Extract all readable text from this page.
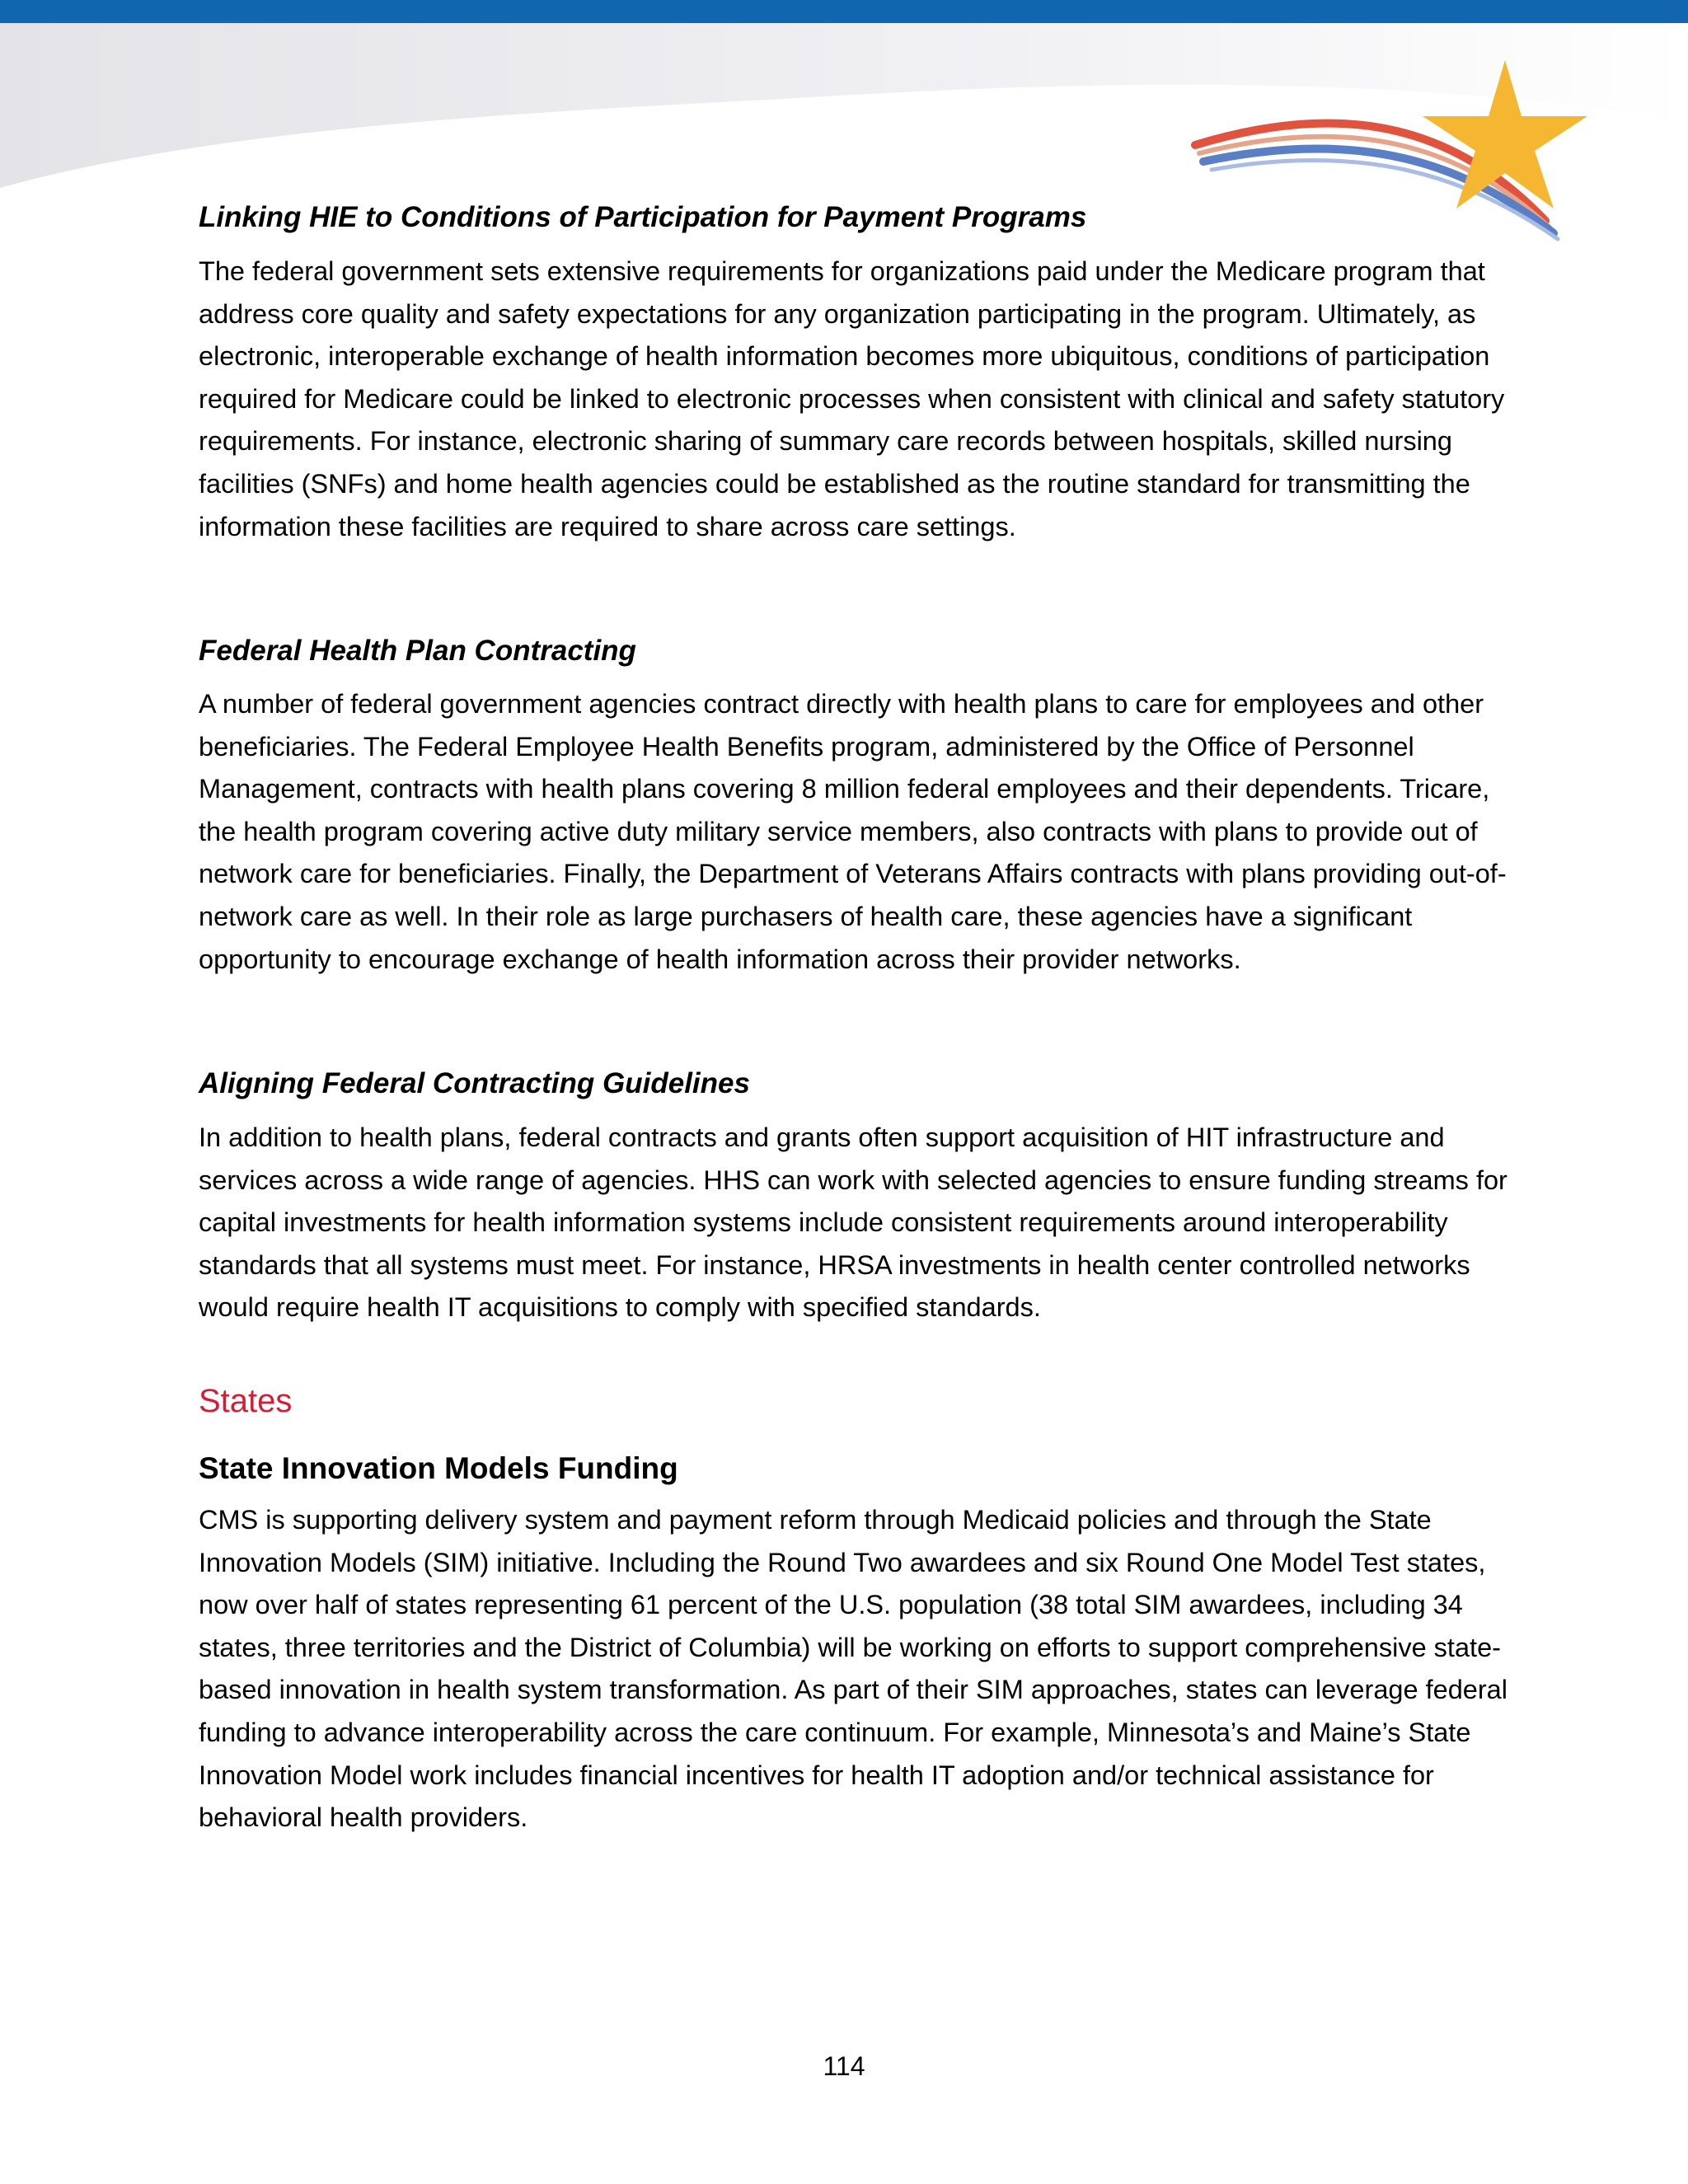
Linking HIE to Conditions of Participation for Payment Programs

The federal government sets extensive requirements for organizations paid under the Medicare program that address core quality and safety expectations for any organization participating in the program. Ultimately, as electronic, interoperable exchange of health information becomes more ubiquitous, conditions of participation required for Medicare could be linked to electronic processes when consistent with clinical and safety statutory requirements. For instance, electronic sharing of summary care records between hospitals, skilled nursing facilities (SNFs) and home health agencies could be established as the routine standard for transmitting the information these facilities are required to share across care settings.

Federal Health Plan Contracting

A number of federal government agencies contract directly with health plans to care for employees and other beneficiaries. The Federal Employee Health Benefits program, administered by the Office of Personnel Management, contracts with health plans covering 8 million federal employees and their dependents. Tricare, the health program covering active duty military service members, also contracts with plans to provide out of network care for beneficiaries. Finally, the Department of Veterans Affairs contracts with plans providing out-of-network care as well. In their role as large purchasers of health care, these agencies have a significant opportunity to encourage exchange of health information across their provider networks.

Aligning Federal Contracting Guidelines

In addition to health plans, federal contracts and grants often support acquisition of HIT infrastructure and services across a wide range of agencies. HHS can work with selected agencies to ensure funding streams for capital investments for health information systems include consistent requirements around interoperability standards that all systems must meet. For instance, HRSA investments in health center controlled networks would require health IT acquisitions to comply with specified standards.

States
State Innovation Models Funding

CMS is supporting delivery system and payment reform through Medicaid policies and through the State Innovation Models (SIM) initiative. Including the Round Two awardees and six Round One Model Test states, now over half of states representing 61 percent of the U.S. population (38 total SIM awardees, including 34 states, three territories and the District of Columbia) will be working on efforts to support comprehensive state-based innovation in health system transformation. As part of their SIM approaches, states can leverage federal funding to advance interoperability across the care continuum. For example, Minnesota’s and Maine’s State Innovation Model work includes financial incentives for health IT adoption and/or technical assistance for behavioral health providers.

114
